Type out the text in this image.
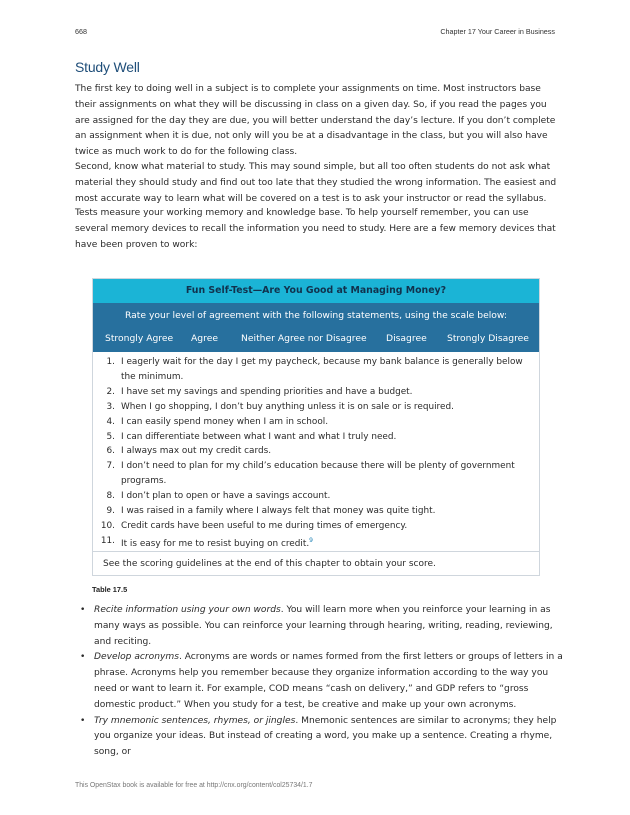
668	Chapter 17 Your Career in Business
Study Well

The first key to doing well in a subject is to complete your assignments on time. Most instructors base their assignments on what they will be discussing in class on a given day. So, if you read the pages you are assigned for the day they are due, you will better understand the day’s lecture. If you don’t complete an assignment when it is due, not only will you be at a disadvantage in the class, but you will also have twice as much work to do for the following class.

Second, know what material to study. This may sound simple, but all too often students do not ask what material they should study and find out too late that they studied the wrong information. The easiest and most accurate way to learn what will be covered on a test is to ask your instructor or read the syllabus.

Tests measure your working memory and knowledge base. To help yourself remember, you can use several memory devices to recall the information you need to study. Here are a few memory devices that have been proven to work:

Fun Self-Test—Are You Good at Managing Money?
Rate your level of agreement with the following statements, using the scale below:
Strongly Agree Agree	Neither Agree nor Disagree Disagree Strongly Disagree
1. I eagerly wait for the day I get my paycheck, because my bank balance is generally below the minimum.
2. I have set my savings and spending priorities and have a budget.
3. When I go shopping, I don’t buy anything unless it is on sale or is required.
4. I can easily spend money when I am in school.
5. I can differentiate between what I want and what I truly need.
6. I always max out my credit cards.
7. I don’t need to plan for my child’s education because there will be plenty of government programs.
8. I don’t plan to open or have a savings account.
9. I was raised in a family where I always felt that money was quite tight.
10. Credit cards have been useful to me during times of emergency.
11. It is easy for me to resist buying on credit.$^9$
See the scoring guidelines at the end of this chapter to obtain your score.
Table 17.5
• Recite information using your own words. You will learn more when you reinforce your learning in as many ways as possible. You can reinforce your learning through hearing, writing, reading, reviewing, and reciting.
• Develop acronyms. Acronyms are words or names formed from the first letters or groups of letters in a phrase. Acronyms help you remember because they organize information according to the way you need or want to learn it. For example, COD means “cash on delivery,” and GDP refers to “gross domestic product.” When you study for a test, be creative and make up your own acronyms.
• Try mnemonic sentences, rhymes, or jingles. Mnemonic sentences are similar to acronyms; they help you organize your ideas. But instead of creating a word, you make up a sentence. Creating a rhyme, song, or
This OpenStax book is available for free at http://cnx.org/content/col25734/1.7
